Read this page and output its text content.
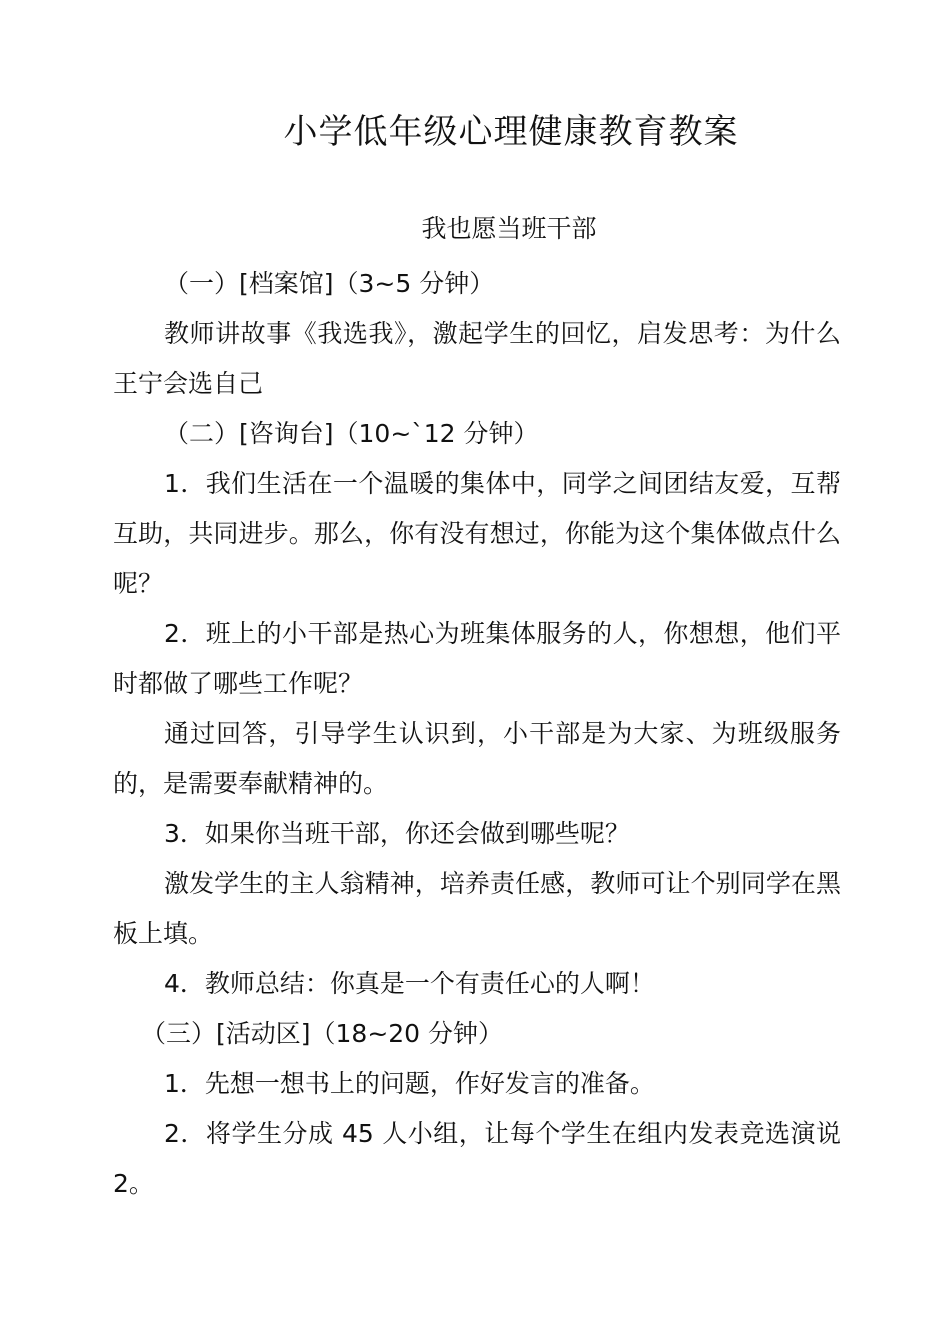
小学低年级心理健康教育教案
我也愿当班干部

（一）[档案馆]（3~5 分钟）

教师讲故事《我选我》，激起学生的回忆，启发思考：为什么王宁会选自己

（二）[咨询台]（10~`12 分钟）

1．我们生活在一个温暖的集体中，同学之间团结友爱，互帮互助，共同进步。那么，你有没有想过，你能为这个集体做点什么呢？

2．班上的小干部是热心为班集体服务的人，你想想，他们平时都做了哪些工作呢？

通过回答，引导学生认识到，小干部是为大家、为班级服务的，是需要奉献精神的。

3．如果你当班干部，你还会做到哪些呢？

激发学生的主人翁精神，培养责任感，教师可让个别同学在黑板上填。

4．教师总结：你真是一个有责任心的人啊！

（三）[活动区]（18~20 分钟）

1．先想一想书上的问题，作好发言的准备。

2．将学生分成 45 人小组，让每个学生在组内发表竞选演说2。
